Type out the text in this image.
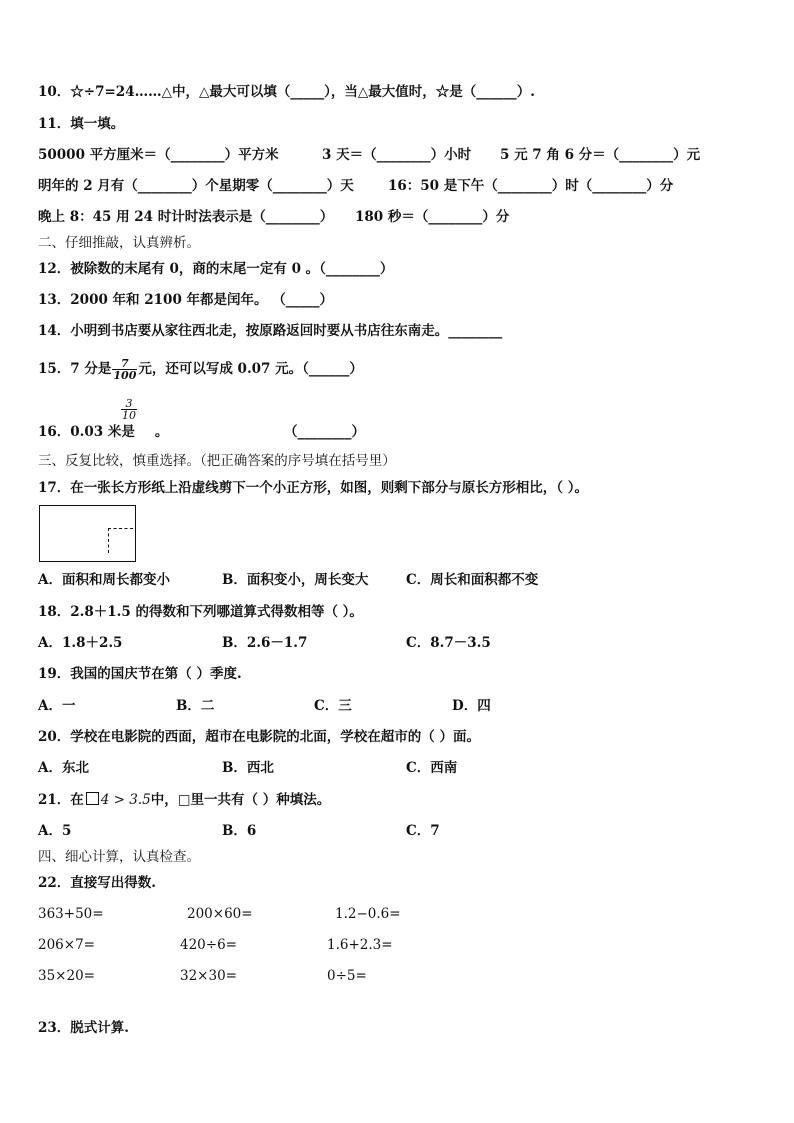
10．☆÷7=24……△中，△最大可以填（_____），当△最大值时，☆是（______）.
11．填一填。
50000 平方厘米＝（________）平方米	3 天＝（________）小时 5 元 7 角 6 分＝（________）元
明年的 2 月有（________）个星期零（________）天	16：50 是下午（________）时（________）分
晚上 8：45 用 24 时计时法表示是（________） 180 秒＝（________）分
二、仔细推敲，认真辨析。
12．被除数的末尾有 0，商的末尾一定有 0 。（________）
13．2000 年和 2100 年都是闰年。 （_____）
14．小明到书店要从家往西北走，按原路返回时要从书店往东南走。________
15．7 分是 $\frac{7}{100}$ 元，还可以写成 0.07 元。（______）
$\frac{3}{10}$
16．0.03 米是 。	（________）
三、反复比较，慎重选择。（把正确答案的序号填在括号里）
17．在一张长方形纸上沿虚线剪下一个小正方形，如图，则剩下部分与原长方形相比，（ ）。
A．面积和周长都变小	B．面积变小，周长变大	C．周长和面积都不变
18．2.8＋1.5 的得数和下列哪道算式得数相等（ ）。
A．1.8＋2.5	B．2.6－1.7	C．8.7－3.5
19．我国的国庆节在第（ ）季度.
A．一	B．二	C．三	D．四
20．学校在电影院的西面，超市在电影院的北面，学校在超市的（ ）面。
A．东北	B．西北	C．西南
21．在 4 > 3.5中，□里一共有（ ）种填法。
A．5	B．6	C．7
四、细心计算，认真检查。
22．直接写出得数.
363+50=	200×60=	1.2−0.6=
206×7=	420÷6=	1.6+2.3=
35×20=	32×30=	0÷5=
23．脱式计算.
